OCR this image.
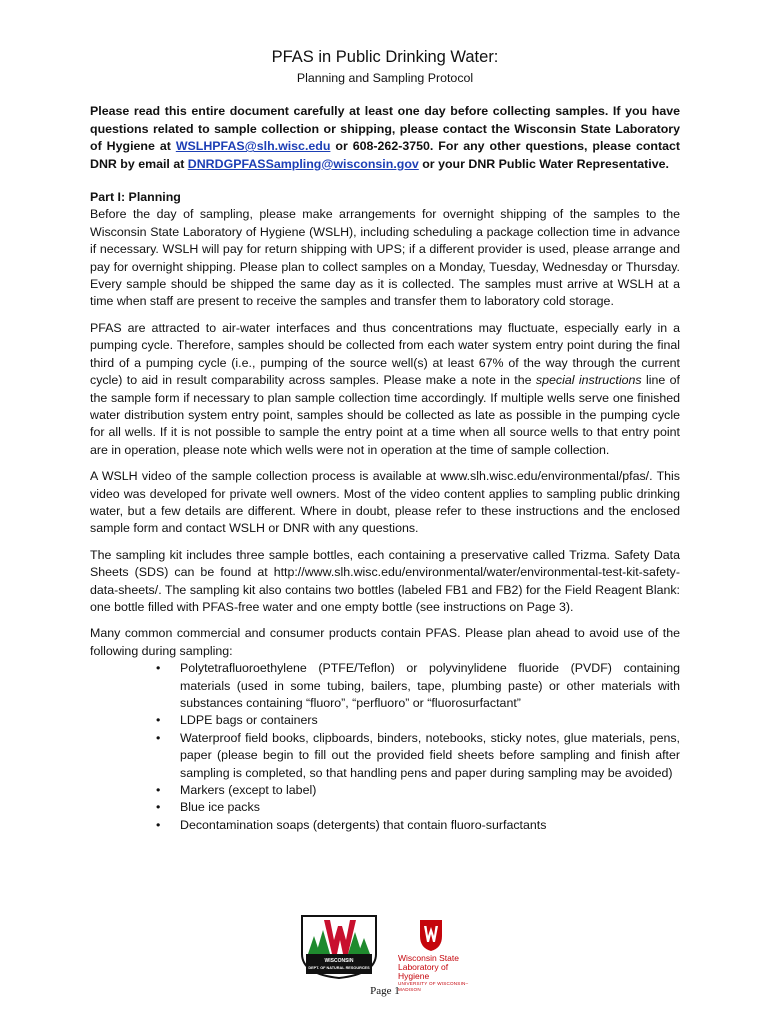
PFAS in Public Drinking Water:
Planning and Sampling Protocol

Please read this entire document carefully at least one day before collecting samples. If you have questions related to sample collection or shipping, please contact the Wisconsin State Laboratory of Hygiene at WSLHPFAS@slh.wisc.edu or 608-262-3750. For any other questions, please contact DNR by email at DNRDGPFASSampling@wisconsin.gov or your DNR Public Water Representative.

Part I: Planning

Before the day of sampling, please make arrangements for overnight shipping of the samples to the Wisconsin State Laboratory of Hygiene (WSLH), including scheduling a package collection time in advance if necessary. WSLH will pay for return shipping with UPS; if a different provider is used, please arrange and pay for overnight shipping. Please plan to collect samples on a Monday, Tuesday, Wednesday or Thursday. Every sample should be shipped the same day as it is collected. The samples must arrive at WSLH at a time when staff are present to receive the samples and transfer them to laboratory cold storage.

PFAS are attracted to air-water interfaces and thus concentrations may fluctuate, especially early in a pumping cycle. Therefore, samples should be collected from each water system entry point during the final third of a pumping cycle (i.e., pumping of the source well(s) at least 67% of the way through the current cycle) to aid in result comparability across samples. Please make a note in the special instructions line of the sample form if necessary to plan sample collection time accordingly. If multiple wells serve one finished water distribution system entry point, samples should be collected as late as possible in the pumping cycle for all wells. If it is not possible to sample the entry point at a time when all source wells to that entry point are in operation, please note which wells were not in operation at the time of sample collection.

A WSLH video of the sample collection process is available at www.slh.wisc.edu/environmental/pfas/. This video was developed for private well owners. Most of the video content applies to sampling public drinking water, but a few details are different. Where in doubt, please refer to these instructions and the enclosed sample form and contact WSLH or DNR with any questions.

The sampling kit includes three sample bottles, each containing a preservative called Trizma. Safety Data Sheets (SDS) can be found at http://www.slh.wisc.edu/environmental/water/environmental-test-kit-safety-data-sheets/. The sampling kit also contains two bottles (labeled FB1 and FB2) for the Field Reagent Blank: one bottle filled with PFAS-free water and one empty bottle (see instructions on Page 3).

Many common commercial and consumer products contain PFAS. Please plan ahead to avoid use of the following during sampling:

• Polytetrafluoroethylene (PTFE/Teflon) or polyvinylidene fluoride (PVDF) containing materials (used in some tubing, bailers, tape, plumbing paste) or other materials with substances containing “fluoro”, “perfluoro” or “fluorosurfactant”
• LDPE bags or containers
• Waterproof field books, clipboards, binders, notebooks, sticky notes, glue materials, pens, paper (please begin to fill out the provided field sheets before sampling and finish after sampling is completed, so that handling pens and paper during sampling may be avoided)
• Markers (except to label)
• Blue ice packs
• Decontamination soaps (detergents) that contain fluoro-surfactants
WISCONSIN
DEPT. OF NATURAL RESOURCES
Wisconsin State
Laboratory of Hygiene
UNIVERSITY OF WISCONSIN–MADISON
Page 1
